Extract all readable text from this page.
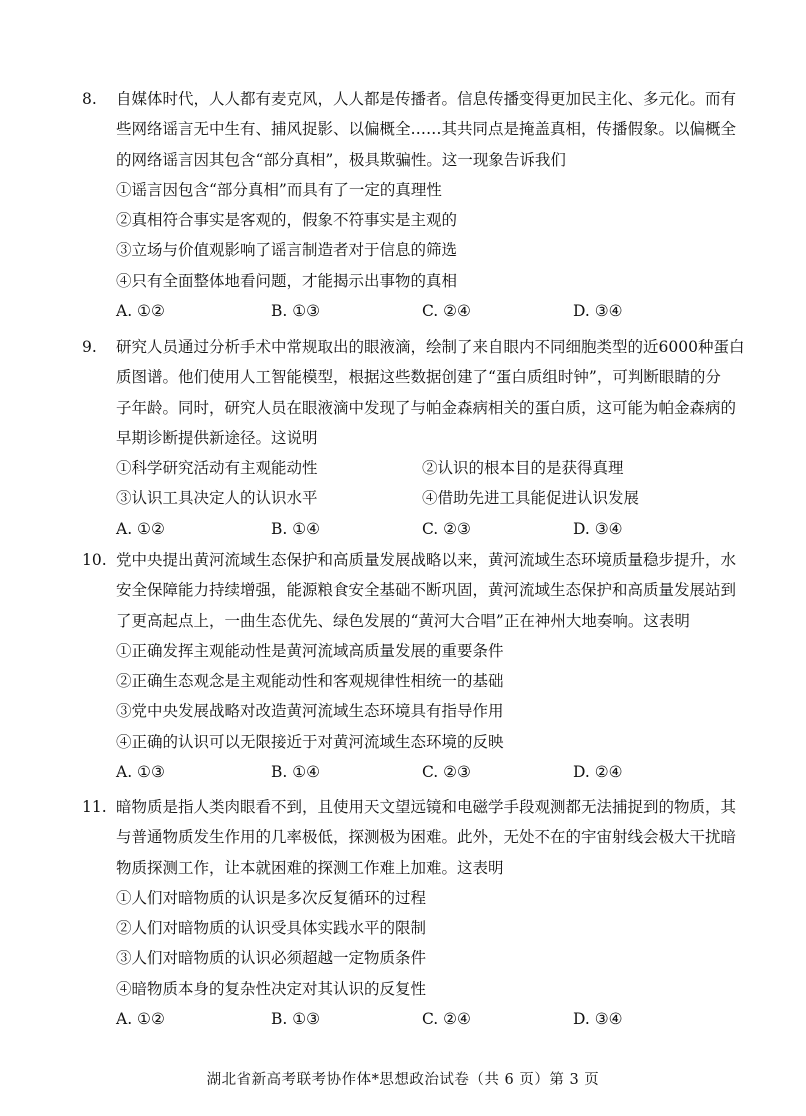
8.	自媒体时代，人人都有麦克风，人人都是传播者。信息传播变得更加民主化、多元化。而有
些网络谣言无中生有、捕风捉影、以偏概全……其共同点是掩盖真相，传播假象。以偏概全
的网络谣言因其包含“部分真相”，极具欺骗性。这一现象告诉我们
①谣言因包含“部分真相”而具有了一定的真理性
②真相符合事实是客观的，假象不符事实是主观的
③立场与价值观影响了谣言制造者对于信息的筛选
④只有全面整体地看问题，才能揭示出事物的真相
A. ①②	B. ①③	C. ②④	D. ③④
9.	研究人员通过分析手术中常规取出的眼液滴，绘制了来自眼内不同细胞类型的近6000种蛋白
质图谱。他们使用人工智能模型，根据这些数据创建了“蛋白质组时钟”，可判断眼睛的分
子年龄。同时，研究人员在眼液滴中发现了与帕金森病相关的蛋白质，这可能为帕金森病的
早期诊断提供新途径。这说明
①科学研究活动有主观能动性	②认识的根本目的是获得真理
③认识工具决定人的认识水平	④借助先进工具能促进认识发展
A. ①②	B. ①④	C. ②③	D. ③④
10. 党中央提出黄河流域生态保护和高质量发展战略以来，黄河流域生态环境质量稳步提升，水
安全保障能力持续增强，能源粮食安全基础不断巩固，黄河流域生态保护和高质量发展站到
了更高起点上，一曲生态优先、绿色发展的“黄河大合唱”正在神州大地奏响。这表明
①正确发挥主观能动性是黄河流域高质量发展的重要条件
②正确生态观念是主观能动性和客观规律性相统一的基础
③党中央发展战略对改造黄河流域生态环境具有指导作用
④正确的认识可以无限接近于对黄河流域生态环境的反映
A. ①③	B. ①④	C. ②③	D. ②④
11. 暗物质是指人类肉眼看不到，且使用天文望远镜和电磁学手段观测都无法捕捉到的物质，其
与普通物质发生作用的几率极低，探测极为困难。此外，无处不在的宇宙射线会极大干扰暗
物质探测工作，让本就困难的探测工作难上加难。这表明
①人们对暗物质的认识是多次反复循环的过程
②人们对暗物质的认识受具体实践水平的限制
③人们对暗物质的认识必须超越一定物质条件
④暗物质本身的复杂性决定对其认识的反复性
A. ①②	B. ①③	C. ②④	D. ③④
湖北省新高考联考协作体*思想政治试卷（共 6 页）第 3 页
